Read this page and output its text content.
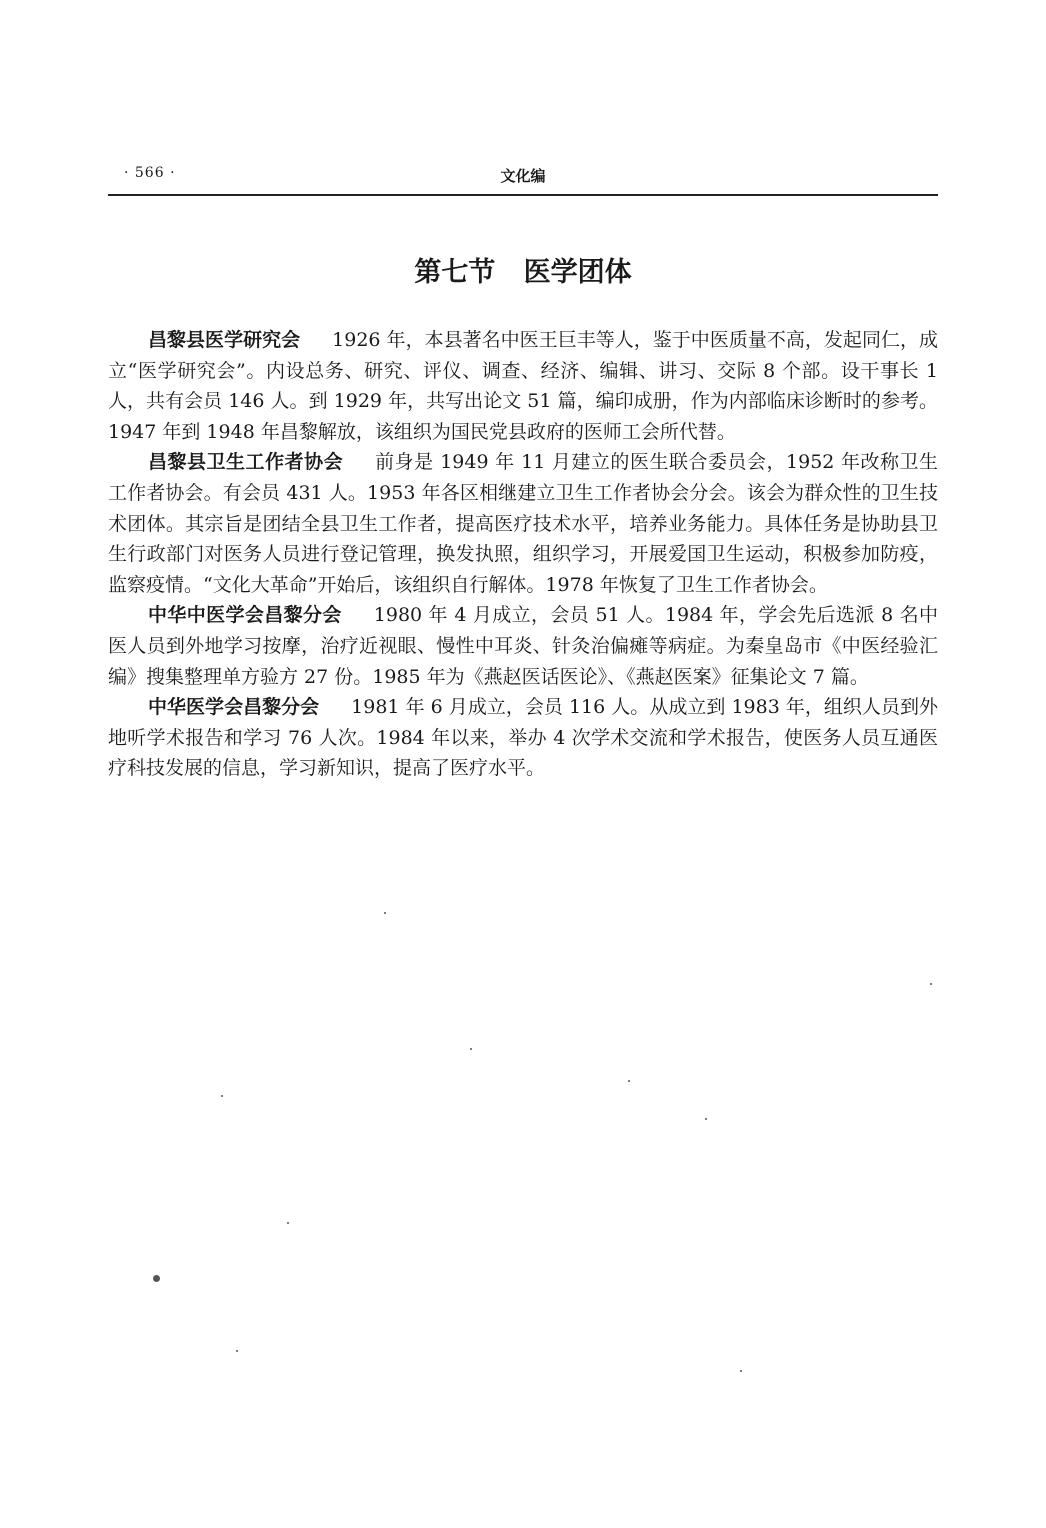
· 566 ·	文化编
第七节   医学团体

昌黎县医学研究会 1926 年，本县著名中医王巨丰等人，鉴于中医质量不高，发起同仁，成立“医学研究会”。内设总务、研究、评仪、调查、经济、编辑、讲习、交际 8 个部。设干事长 1 人，共有会员 146 人。到 1929 年，共写出论文 51 篇，编印成册，作为内部临床诊断时的参考。1947 年到 1948 年昌黎解放，该组织为国民党县政府的医师工会所代替。

昌黎县卫生工作者协会 前身是 1949 年 11 月建立的医生联合委员会，1952 年改称卫生工作者协会。有会员 431 人。1953 年各区相继建立卫生工作者协会分会。该会为群众性的卫生技术团体。其宗旨是团结全县卫生工作者，提高医疗技术水平，培养业务能力。具体任务是协助县卫生行政部门对医务人员进行登记管理，换发执照，组织学习，开展爱国卫生运动，积极参加防疫，监察疫情。“文化大革命”开始后，该组织自行解体。1978 年恢复了卫生工作者协会。

中华中医学会昌黎分会 1980 年 4 月成立，会员 51 人。1984 年，学会先后选派 8 名中医人员到外地学习按摩，治疗近视眼、慢性中耳炎、针灸治偏瘫等病症。为秦皇岛市《中医经验汇编》搜集整理单方验方 27 份。1985 年为《燕赵医话医论》、《燕赵医案》征集论文 7 篇。

中华医学会昌黎分会 1981 年 6 月成立，会员 116 人。从成立到 1983 年，组织人员到外地听学术报告和学习 76 人次。1984 年以来，举办 4 次学术交流和学术报告，使医务人员互通医疗科技发展的信息，学习新知识，提高了医疗水平。
